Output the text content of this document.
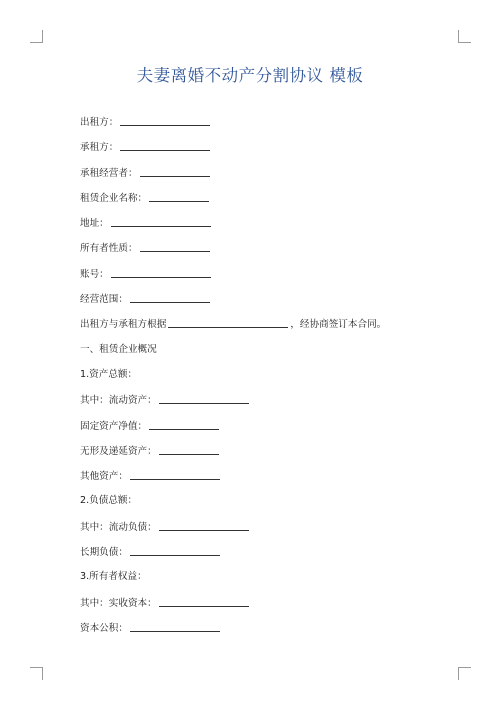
夫妻离婚不动产分割协议 模板
出租方：
承租方：
承租经营者：
租赁企业名称：
地址：
所有者性质：
账号：
经营范围：
出租方与承租方根据	，经协商签订本合同。
一、租赁企业概况
1.资产总额：
其中：流动资产：
固定资产净值：
无形及递延资产：
其他资产：
2.负债总额：
其中：流动负债：
长期负债：
3.所有者权益：
其中：实收资本：
资本公积：
